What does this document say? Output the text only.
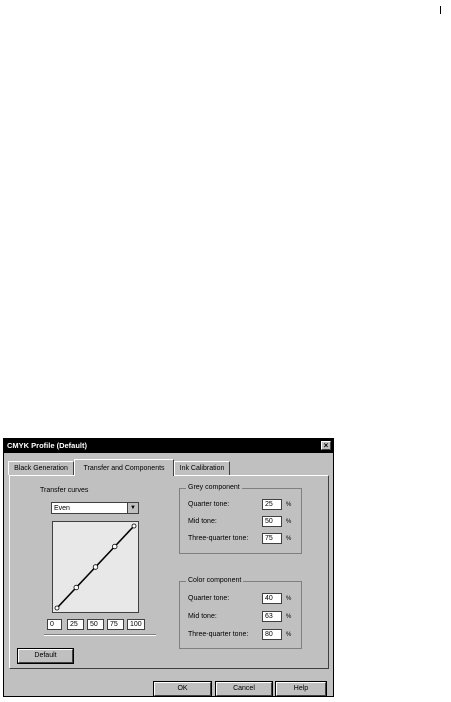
CMYK Profile (Default)	×
Black Generation	Transfer and Components	Ink Calibration
Transfer curves
Even	▼
0	25	50	75	100
Default
Grey component
Quarter tone:	25	%
Mid tone:	50	%
Three-quarter tone:	75	%
Color component
Quarter tone:	40	%
Mid tone:	63	%
Three-quarter tone:	80	%
OK	Cancel	Help
